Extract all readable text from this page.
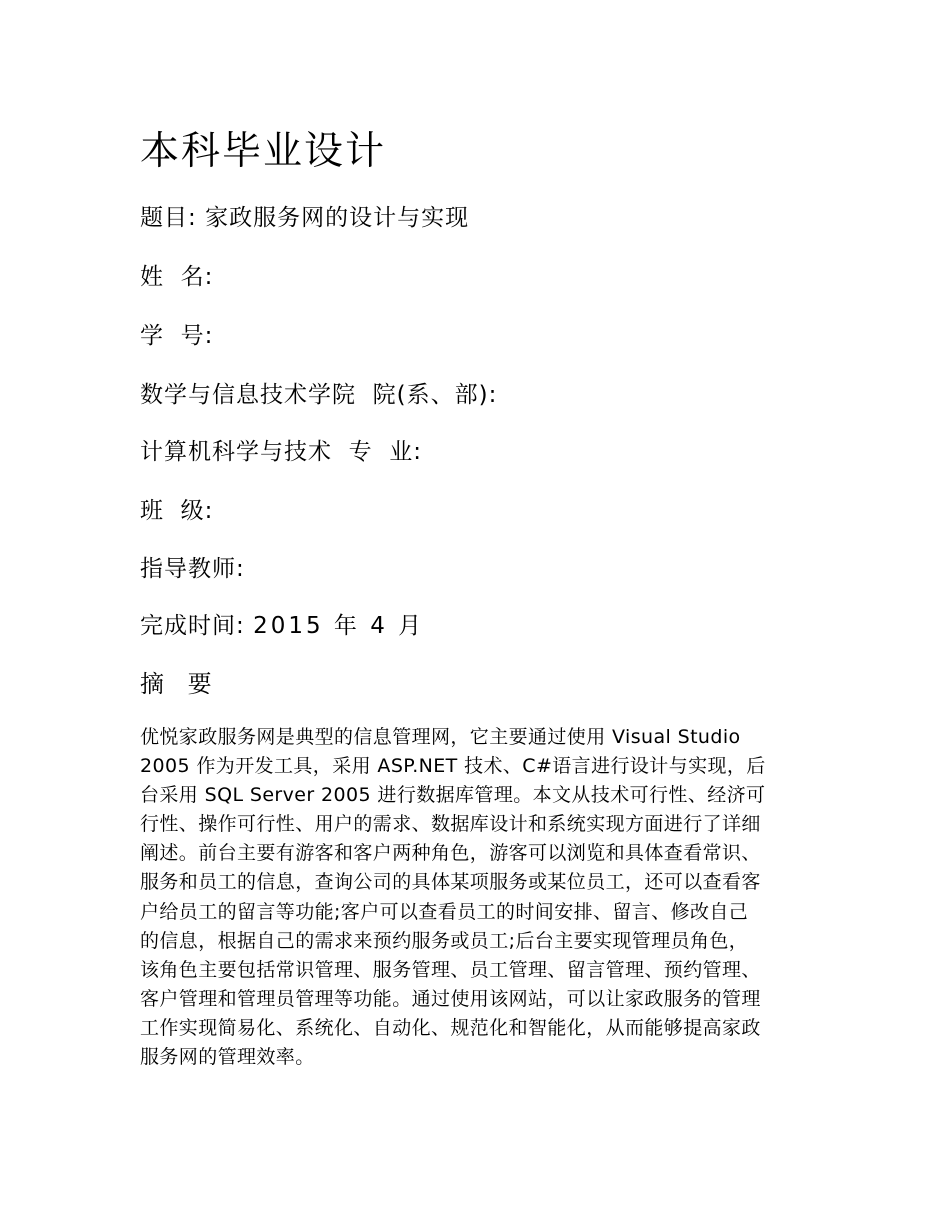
本科毕业设计
题目: 家政服务网的设计与实现
姓  名:
学  号:
数学与信息技术学院  院(系、部):
计算机科学与技术  专  业:
班  级:
指导教师:
完成时间: 2015 年 4 月
摘 要
优悦家政服务网是典型的信息管理网，它主要通过使用 Visual Studio
2005 作为开发工具，采用 ASP.NET 技术、C#语言进行设计与实现，后
台采用 SQL Server 2005 进行数据库管理。本文从技术可行性、经济可
行性、操作可行性、用户的需求、数据库设计和系统实现方面进行了详细
阐述。前台主要有游客和客户两种角色，游客可以浏览和具体查看常识、
服务和员工的信息，查询公司的具体某项服务或某位员工，还可以查看客
户给员工的留言等功能;客户可以查看员工的时间安排、留言、修改自己
的信息，根据自己的需求来预约服务或员工;后台主要实现管理员角色，
该角色主要包括常识管理、服务管理、员工管理、留言管理、预约管理、
客户管理和管理员管理等功能。通过使用该网站，可以让家政服务的管理
工作实现简易化、系统化、自动化、规范化和智能化，从而能够提高家政
服务网的管理效率。
